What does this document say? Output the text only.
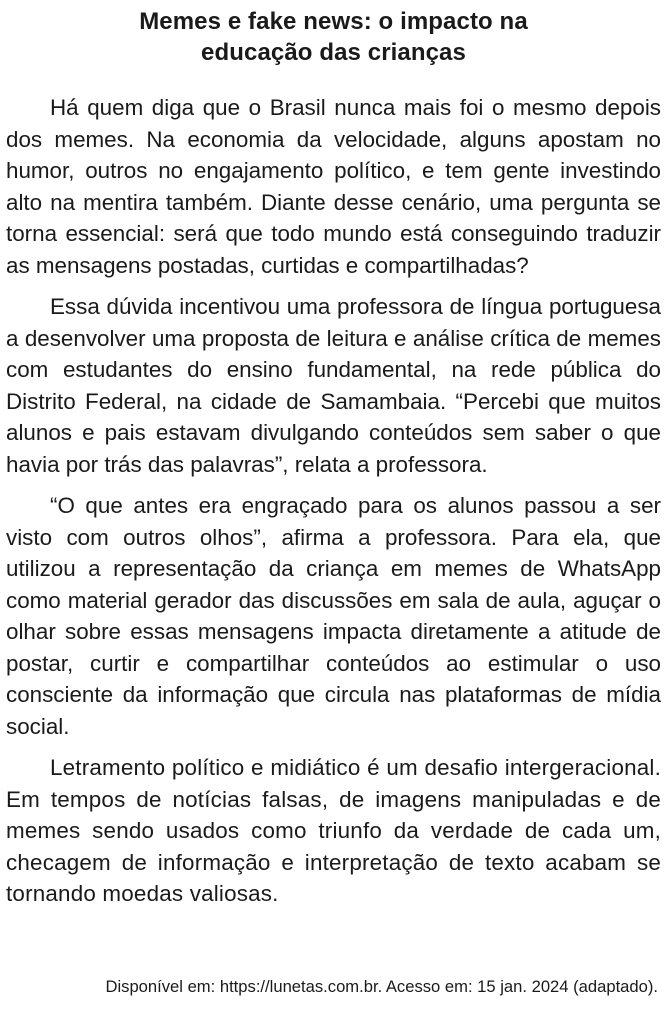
Memes e fake news: o impacto na
educação das crianças

Há quem diga que o Brasil nunca mais foi o mesmo depois dos memes. Na economia da velocidade, alguns apostam no humor, outros no engajamento político, e tem gente investindo alto na mentira também. Diante desse cenário, uma pergunta se torna essencial: será que todo mundo está conseguindo traduzir as mensagens postadas, curtidas e compartilhadas?

Essa dúvida incentivou uma professora de língua portuguesa a desenvolver uma proposta de leitura e análise crítica de memes com estudantes do ensino fundamental, na rede pública do Distrito Federal, na cidade de Samambaia. “Percebi que muitos alunos e pais estavam divulgando conteúdos sem saber o que havia por trás das palavras”, relata a professora.

“O que antes era engraçado para os alunos passou a ser visto com outros olhos”, afirma a professora. Para ela, que utilizou a representação da criança em memes de WhatsApp como material gerador das discussões em sala de aula, aguçar o olhar sobre essas mensagens impacta diretamente a atitude de postar, curtir e compartilhar conteúdos ao estimular o uso consciente da informação que circula nas plataformas de mídia social.

Letramento político e midiático é um desafio intergeracional. Em tempos de notícias falsas, de imagens manipuladas e de memes sendo usados como triunfo da verdade de cada um, checagem de informação e interpretação de texto acabam se tornando moedas valiosas.

Disponível em: https://lunetas.com.br. Acesso em: 15 jan. 2024 (adaptado).
